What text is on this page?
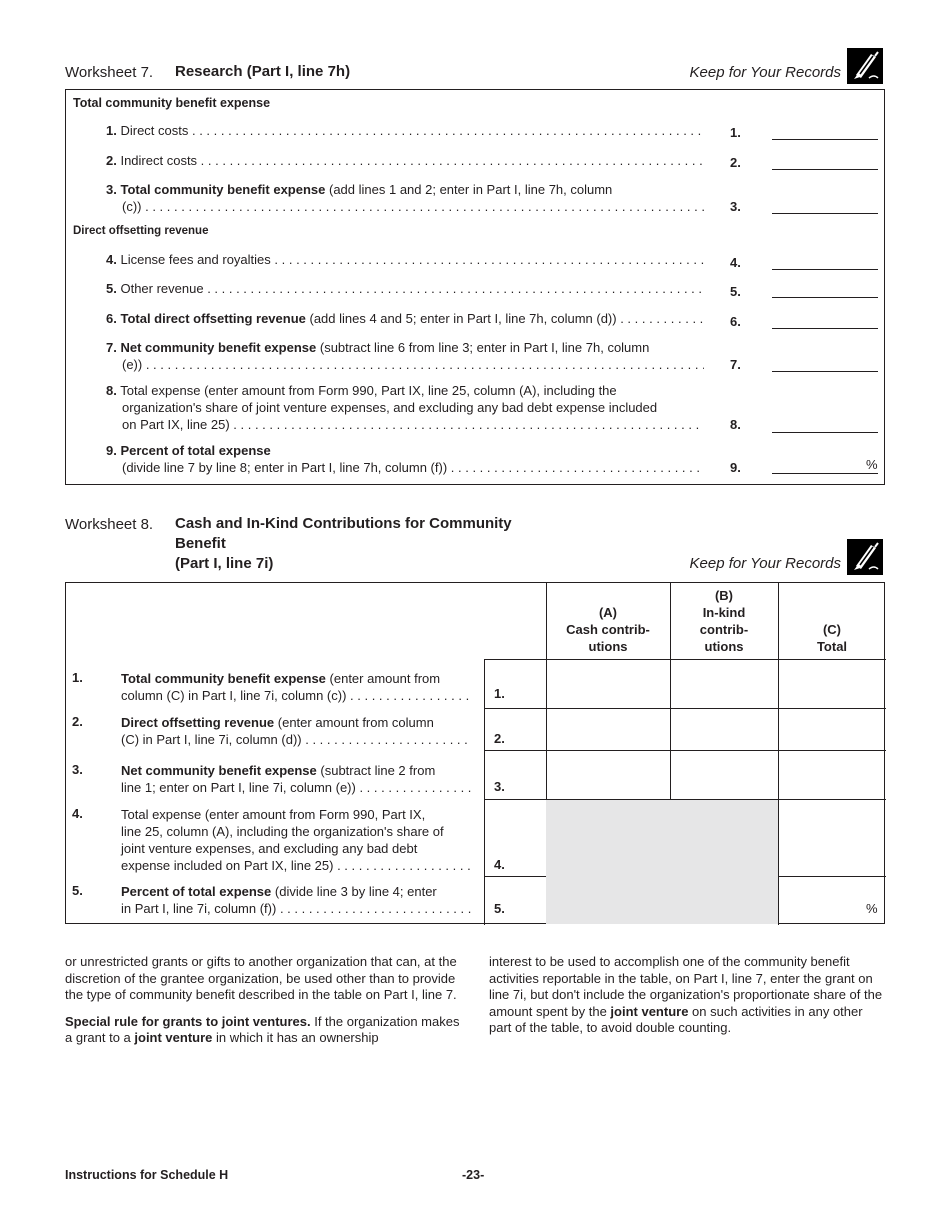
Worksheet 7. Research (Part I, line 7h)	Keep for Your Records
Total community benefit expense
1. Direct costs . . .	1.
2. Indirect costs . . .	2.
3. Total community benefit expense (add lines 1 and 2; enter in Part I, line 7h, column
(c)) . . .	3.
Direct offsetting revenue
4. License fees and royalties . . .	4.
5. Other revenue . . .	5.
6. Total direct offsetting revenue (add lines 4 and 5; enter in Part I, line 7h, column (d)) . . .	6.
7. Net community benefit expense (subtract line 6 from line 3; enter in Part I, line 7h, column
(e)) . . .	7.
8. Total expense (enter amount from Form 990, Part IX, line 25, column (A), including the
organization's share of joint venture expenses, and excluding any bad debt expense included
on Part IX, line 25) . . .	8.
9. Percent of total expense
(divide line 7 by line 8; enter in Part I, line 7h, column (f)) . . .	9.	%
Worksheet 8. Cash and In-Kind Contributions for Community
Benefit
(Part I, line 7i)	Keep for Your Records
(A)
Cash contrib-
utions
(B)
In-kind
contrib-
utions
(C)
Total
1.	Total community benefit expense (enter amount from

column (C) in Part I, line 7i, column (c)) . . .	1.
2.	Direct offsetting revenue (enter amount from column

(C) in Part I, line 7i, column (d)) . . .	2.
3.	Net community benefit expense (subtract line 2 from

line 1; enter on Part I, line 7i, column (e)) . . .	3.
4.	Total expense (enter amount from Form 990, Part IX,
line 25, column (A), including the organization's share of
joint venture expenses, and excluding any bad debt
expense included on Part IX, line 25) . . .	4.
5.	Percent of total expense (divide line 3 by line 4; enter

in Part I, line 7i, column (f)) . . .	5.	%

or unrestricted grants or gifts to another organization that can, at the discretion of the grantee organization, be used other than to provide the type of community benefit described in the table on Part I, line 7.

Special rule for grants to joint ventures. If the organization makes a grant to a joint venture in which it has an ownership

interest to be used to accomplish one of the community benefit activities reportable in the table, on Part I, line 7, enter the grant on line 7i, but don't include the organization's proportionate share of the amount spent by the joint venture on such activities in any other part of the table, to avoid double counting.

Instructions for Schedule H	-23-
